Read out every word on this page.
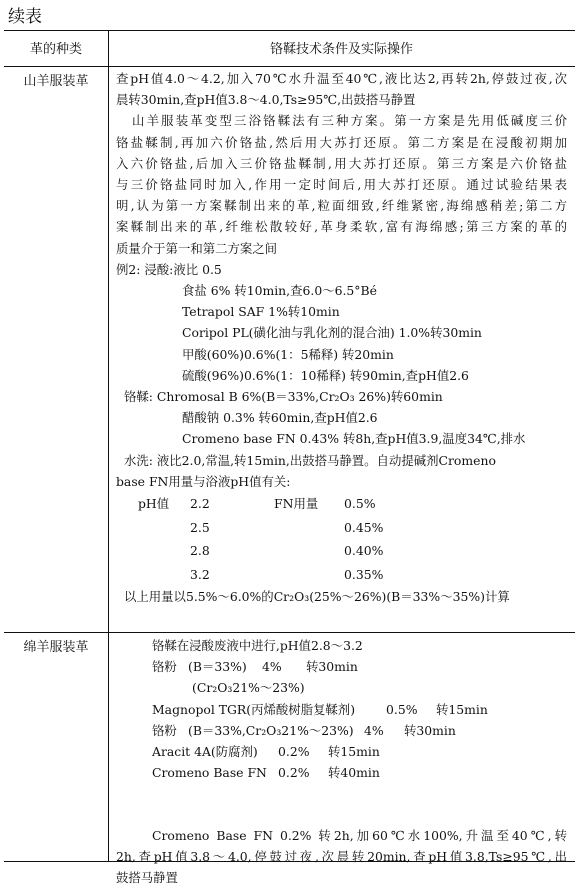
续表
革的种类	铬鞣技术条件及实际操作
山羊服装革	查pH值4.0～4.2,加入70℃水升温至40℃,液比达2,再转2h,停鼓过夜,次
晨转30min,查pH值3.8～4.0,Ts≥95℃,出鼓搭马静置

山羊服装革变型三浴铬鞣法有三种方案。第一方案是先用低碱度三价
铬盐鞣制,再加六价铬盐,然后用大苏打还原。第二方案是在浸酸初期加
入六价铬盐,后加入三价铬盐鞣制,用大苏打还原。第三方案是六价铬盐
与三价铬盐同时加入,作用一定时间后,用大苏打还原。通过试验结果表
明,认为第一方案鞣制出来的革,粒面细致,纤维紧密,海绵感稍差;第二方
案鞣制出来的革,纤维松散较好,革身柔软,富有海绵感;第三方案的革的
质量介于第一和第二方案之间

例2: 浸酸:液比 0.5
食盐 6% 转10min,查6.0～6.5°Bé
Tetrapol SAF 1%转10min
Coripol PL(磺化油与乳化剂的混合油) 1.0%转30min
甲酸(60%)0.6%(1：5稀释) 转20min
硫酸(96%)0.6%(1：10稀释) 转90min,查pH值2.6
铬鞣: Chromosal B 6%(B＝33%,Cr₂O₃ 26%)转60min
醋酸钠 0.3% 转60min,查pH值2.6
Cromeno base FN 0.43% 转8h,查pH值3.9,温度34℃,排水
水洗: 液比2.0,常温,转15min,出鼓搭马静置。自动提碱剂Cromeno
base FN用量与浴液pH值有关:
pH值	2.2	FN用量	0.5%
2.5	0.45%
2.8	0.40%
3.2	0.35%
以上用量以5.5%～6.0%的Cr₂O₃(25%～26%)(B＝33%～35%)计算
绵羊服装革	铬鞣在浸酸废液中进行,pH值2.8～3.2
铬粉 (B＝33%)	4%	转30min
(Cr₂O₃21%～23%)
Magnopol TGR(丙烯酸树脂复鞣剂)	0.5%	转15min
铬粉 (B＝33%,Cr₂O₃21%～23%) 4%	转30min
Aracit 4A(防腐剂)	0.2%	转15min
Cromeno Base FN 0.2%	转40min
Cromeno Base FN 0.2% 转2h,加60℃水100%,升温至40℃,转
2h,查pH值3.8～4.0,停鼓过夜,次晨转20min,查pH值3.8,Ts≥95℃,出
鼓搭马静置
